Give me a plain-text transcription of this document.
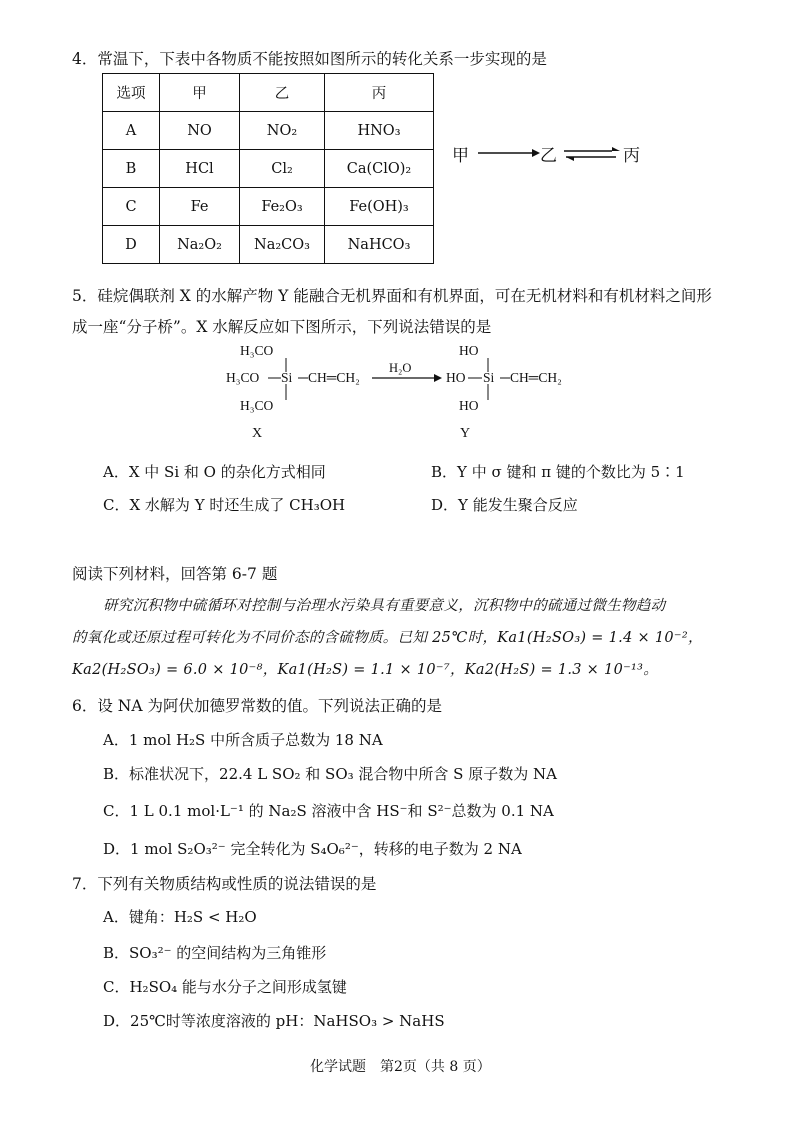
4．常温下，下表中各物质不能按照如图所示的转化关系一步实现的是
选项	甲	乙	丙
A	NO	NO₂	HNO₃
B	HCl	Cl₂	Ca(ClO)₂
C	Fe	Fe₂O₃	Fe(OH)₃
D	Na₂O₂	Na₂CO₃	NaHCO₃
甲	乙	丙
5．硅烷偶联剂 X 的水解产物 Y 能融合无机界面和有机界面，可在无机材料和有机材料之间形
成一座“分子桥”。X 水解反应如下图所示，下列说法错误的是
H₃CO
H₃CO Si CH═CH₂
H₃CO
H₂O
HO
HO Si CH═CH₂
HO
X	Y
A．X 中 Si 和 O 的杂化方式相同	B．Y 中 σ 键和 π 键的个数比为 5∶1
C．X 水解为 Y 时还生成了 CH₃OH	D．Y 能发生聚合反应
阅读下列材料，回答第 6-7 题
研究沉积物中硫循环对控制与治理水污染具有重要意义，沉积物中的硫通过微生物趋动
的氧化或还原过程可转化为不同价态的含硫物质。已知 25℃时，Ka1(H₂SO₃) = 1.4 × 10⁻²，
Ka2(H₂SO₃) = 6.0 × 10⁻⁸，Ka1(H₂S) = 1.1 × 10⁻⁷，Ka2(H₂S) = 1.3 × 10⁻¹³。
6．设 NA 为阿伏加德罗常数的值。下列说法正确的是
A．1 mol H₂S 中所含质子总数为 18 NA
B．标准状况下，22.4 L SO₂ 和 SO₃ 混合物中所含 S 原子数为 NA
C．1 L 0.1 mol·L⁻¹ 的 Na₂S 溶液中含 HS⁻和 S²⁻总数为 0.1 NA
D．1 mol S₂O₃²⁻ 完全转化为 S₄O₆²⁻，转移的电子数为 2 NA
7．下列有关物质结构或性质的说法错误的是
A．键角：H₂S < H₂O
B．SO₃²⁻ 的空间结构为三角锥形
C．H₂SO₄ 能与水分子之间形成氢键
D．25℃时等浓度溶液的 pH：NaHSO₃ > NaHS
化学试题　第2页（共 8 页）
